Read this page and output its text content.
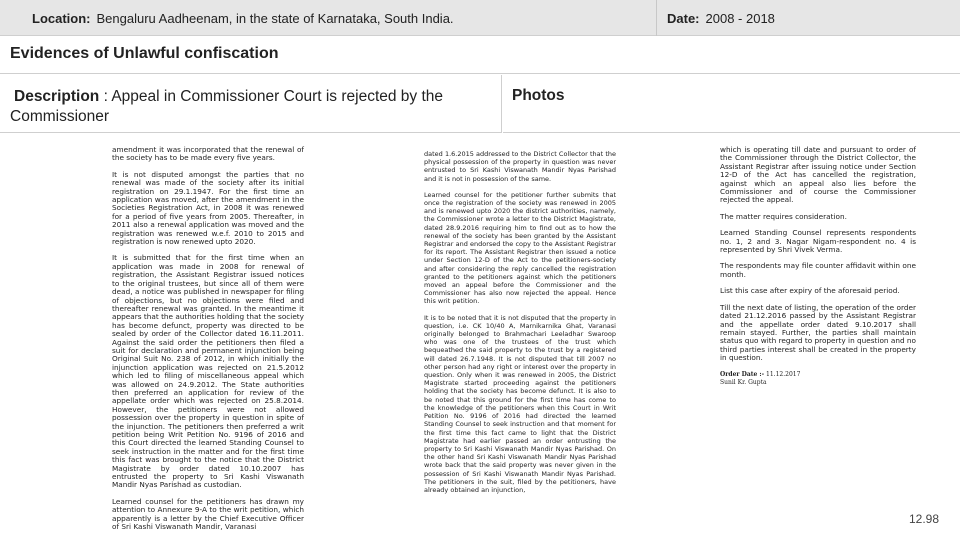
Location: Bengaluru Aadheenam, in the state of Karnataka, South India.	Date: 2008 - 2018
Evidences of Unlawful confiscation
Description : Appeal in Commissioner Court is rejected by the Commissioner
Photos

amendment it was incorporated that the renewal of the society has to be made every five years.

It is not disputed amongst the parties that no renewal was made of the society after its initial registration on 29.1.1947. For the first time an application was moved, after the amendment in the Societies Registration Act, in 2008 it was renewed for a period of five years from 2005. Thereafter, in 2011 also a renewal application was moved and the registration was renewed w.e.f. 2010 to 2015 and registration is now renewed upto 2020.

It is submitted that for the first time when an application was made in 2008 for renewal of registration, the Assistant Registrar issued notices to the original trustees, but since all of them were dead, a notice was published in newspaper for filing of objections, but no objections were filed and thereafter renewal was granted. In the meantime it appears that the authorities holding that the society has become defunct, property was directed to be sealed by order of the Collector dated 16.11.2011. Against the said order the petitioners then filed a suit for declaration and permanent injunction being Original Suit No. 238 of 2012, in which initially the injunction application was rejected on 21.5.2012 which led to filing of miscellaneous appeal which was allowed on 24.9.2012. The State authorities then preferred an application for review of the appellate order which was rejected on 25.8.2014. However, the petitioners were not allowed possession over the property in question in spite of the injunction. The petitioners then preferred a writ petition being Writ Petition No. 9196 of 2016 and this Court directed the learned Standing Counsel to seek instruction in the matter and for the first time this fact was brought to the notice that the District Magistrate by order dated 10.10.2007 has entrusted the property to Sri Kashi Viswanath Mandir Nyas Parishad as custodian.

Learned counsel for the petitioners has drawn my attention to Annexure 9-A to the writ petition, which apparently is a letter by the Chief Executive Officer of Sri Kashi Viswanath Mandir, Varanasi

dated 1.6.2015 addressed to the District Collector that the physical possession of the property in question was never entrusted to Sri Kashi Viswanath Mandir Nyas Parishad and it is not in possession of the same.

Learned counsel for the petitioner further submits that once the registration of the society was renewed in 2005 and is renewed upto 2020 the district authorities, namely, the Commissioner wrote a letter to the District Magistrate, dated 28.9.2016 requiring him to find out as to how the renewal of the society has been granted by the Assistant Registrar and endorsed the copy to the Assistant Registrar for its report. The Assistant Registrar then issued a notice under Section 12-D of the Act to the petitioners-society and after considering the reply cancelled the registration granted to the petitioners against which the petitioners moved an appeal before the Commissioner and the Commissioner has also now rejected the appeal. Hence this writ petition.

It is to be noted that it is not disputed that the property in question, i.e. CK 10/40 A, Marnikarnika Ghat, Varanasi originally belonged to Brahmachari Leeladhar Swaroop who was one of the trustees of the trust which bequeathed the said property to the trust by a registered will dated 26.7.1948. It is not disputed that till 2007 no other person had any right or interest over the property in question. Only when it was renewed in 2005, the District Magistrate started proceeding against the petitioners holding that the society has become defunct. It is also to be noted that this ground for the first time has come to the knowledge of the petitioners when this Court in Writ Petition No. 9196 of 2016 had directed the learned Standing Counsel to seek instruction and that moment for the first time this fact came to light that the District Magistrate had earlier passed an order entrusting the property to Sri Kashi Viswanath Mandir Nyas Parishad. On the other hand Sri Kashi Viswanath Mandir Nyas Parishad wrote back that the said property was never given in the possession of Sri Kashi Viswanath Mandir Nyas Parishad. The petitioners in the suit, filed by the petitioners, have already obtained an injunction,

which is operating till date and pursuant to order of the Commissioner through the District Collector, the Assistant Registrar after issuing notice under Section 12-D of the Act has cancelled the registration, against which an appeal also lies before the Commissioner and of course the Commissioner rejected the appeal.

The matter requires consideration.

Learned Standing Counsel represents respondents no. 1, 2 and 3. Nagar Nigam-respondent no. 4 is represented by Shri Vivek Verma.

The respondents may file counter affidavit within one month.

List this case after expiry of the aforesaid period.

Till the next date of listing, the operation of the order dated 21.12.2016 passed by the Assistant Registrar and the appellate order dated 9.10.2017 shall remain stayed. Further, the parties shall maintain status quo with regard to property in question and no third parties interest shall be created in the property in question.

Order Date :- 11.12.2017
Sunil Kr. Gupta
12.98
